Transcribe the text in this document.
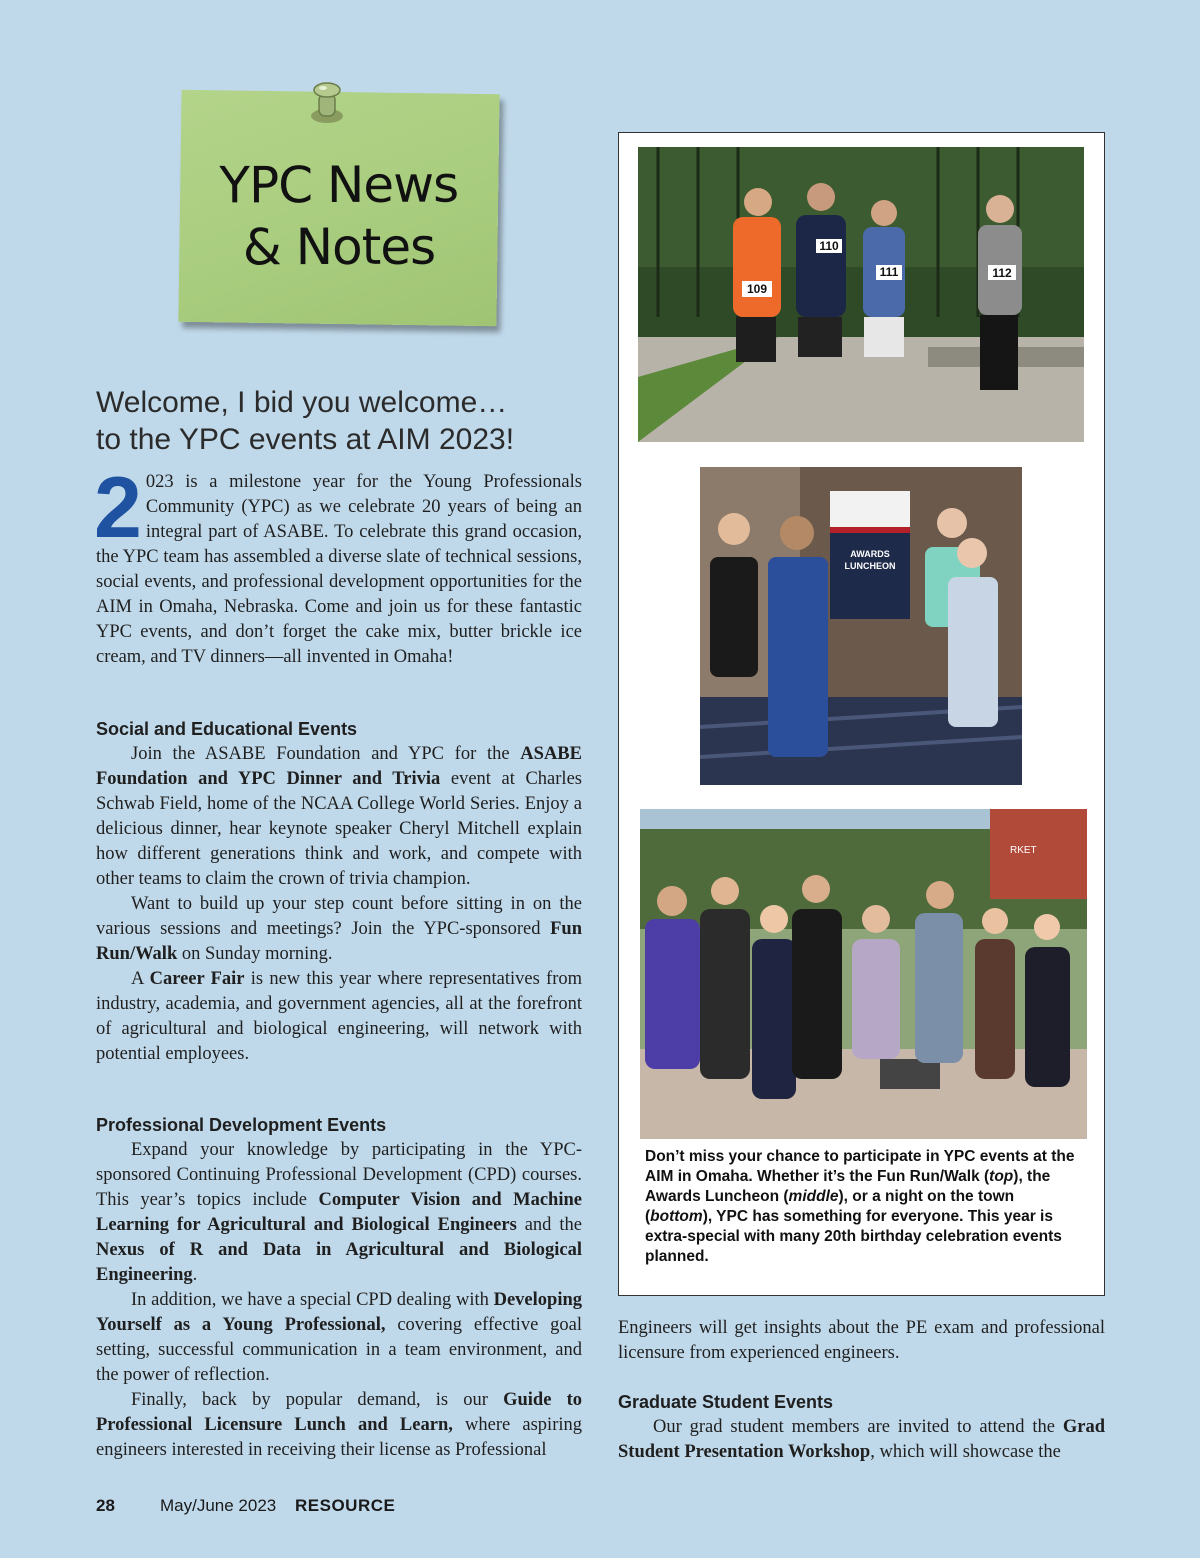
YPC News
& Notes
Welcome, I bid you welcome…
to the YPC events at AIM 2023!

2 023 is a milestone year for the Young Professionals Community (YPC) as we celebrate 20 years of being an integral part of ASABE. To celebrate this grand occasion, the YPC team has assembled a diverse slate of technical sessions, social events, and professional development opportunities for the AIM in Omaha, Nebraska. Come and join us for these fantastic YPC events, and don’t forget the cake mix, butter brickle ice cream, and TV dinners—all invented in Omaha!

Social and Educational Events

Join the ASABE Foundation and YPC for the ASABE Foundation and YPC Dinner and Trivia event at Charles Schwab Field, home of the NCAA College World Series. Enjoy a delicious dinner, hear keynote speaker Cheryl Mitchell explain how different generations think and work, and compete with other teams to claim the crown of trivia champion.

Want to build up your step count before sitting in on the various sessions and meetings? Join the YPC-sponsored Fun Run/Walk on Sunday morning.

A Career Fair is new this year where representatives from industry, academia, and government agencies, all at the forefront of agricultural and biological engineering, will network with potential employees.

Professional Development Events

Expand your knowledge by participating in the YPC-sponsored Continuing Professional Development (CPD) courses. This year’s topics include Computer Vision and Machine Learning for Agricultural and Biological Engineers and the Nexus of R and Data in Agricultural and Biological Engineering.

In addition, we have a special CPD dealing with Developing Yourself as a Young Professional, covering effective goal setting, successful communication in a team environment, and the power of reflection.

Finally, back by popular demand, is our Guide to Professional Licensure Lunch and Learn, where aspiring engineers interested in receiving their license as Professional

109
110
111	112
AWARDS
LUNCHEON
RKET
Don’t miss your chance to participate in YPC events at the AIM in Omaha. Whether it’s the Fun Run/Walk (top), the Awards Luncheon (middle), or a night on the town (bottom), YPC has something for everyone. This year is extra-special with many 20th birthday celebration events planned.

Engineers will get insights about the PE exam and professional licensure from experienced engineers.

Graduate Student Events

Our grad student members are invited to attend the Grad Student Presentation Workshop, which will showcase the

28	May/June 2023 RESOURCE
